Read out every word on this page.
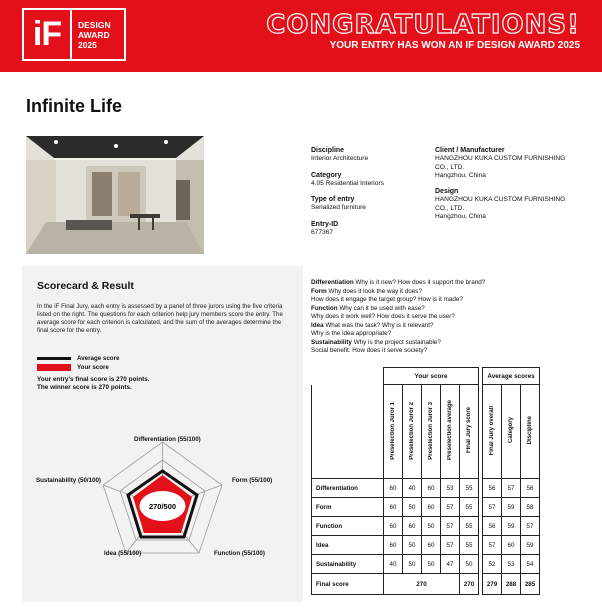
iF	DESIGN
AWARD
2025
CONGRATULATIONS!
YOUR ENTRY HAS WON AN IF DESIGN AWARD 2025
Infinite Life
Discipline
Interior Architecture
Category
4.05 Residential Interiors
Type of entry
Serialized furniture
Entry-ID
677367
Client / Manufacturer
HANGZHOU KUKA CUSTOM FURNISHING
CO., LTD.
Hangzhou, China
Design
HANGZHOU KUKA CUSTOM FURNISHING
CO., LTD.
Hangzhou, China
Scorecard & Result
In the iF Final Jury, each entry is assessed by a panel of three jurors using the five criteria listed on the right. The questions for each criterion help jury members score the entry. The average score for each criterion is calculated, and the sum of the averages determine the final score for the entry.
Average score
Your score
Your entry's final score is 270 points.
The winner score is 270 points.
270/500
Differentiation (55/100)
Form (55/100)
Function (55/100)
Idea (55/100)
Sustainability (50/100)
Differentiation Why is it new? How does it support the brand?
Form Why does it look the way it does?
How does it engage the target group? How is it made?
Function Why can it be used with ease?
Why does it work well? How does it serve the user?
Idea What was the task? Why is it relevant?
Why is the idea appropriate?
Sustainability Why is the project sustainable?
Social benefit: How does it serve society?
	Your score						Average scores		
	Preselection Juror 1	Preselection Juror 2	Preselection Juror 3	Preselection average	Final Jury score		Final Jury overall	Category	Discipline
Differentiation	60	40	60	53	55		56	57	56
Form	60	50	60	57	55		57	59	58
Function	60	60	50	57	55		56	59	57
Idea	60	50	60	57	55		57	60	59
Sustainability	40	50	50	47	50		52	53	54
Final score	270				270		279	288	285
